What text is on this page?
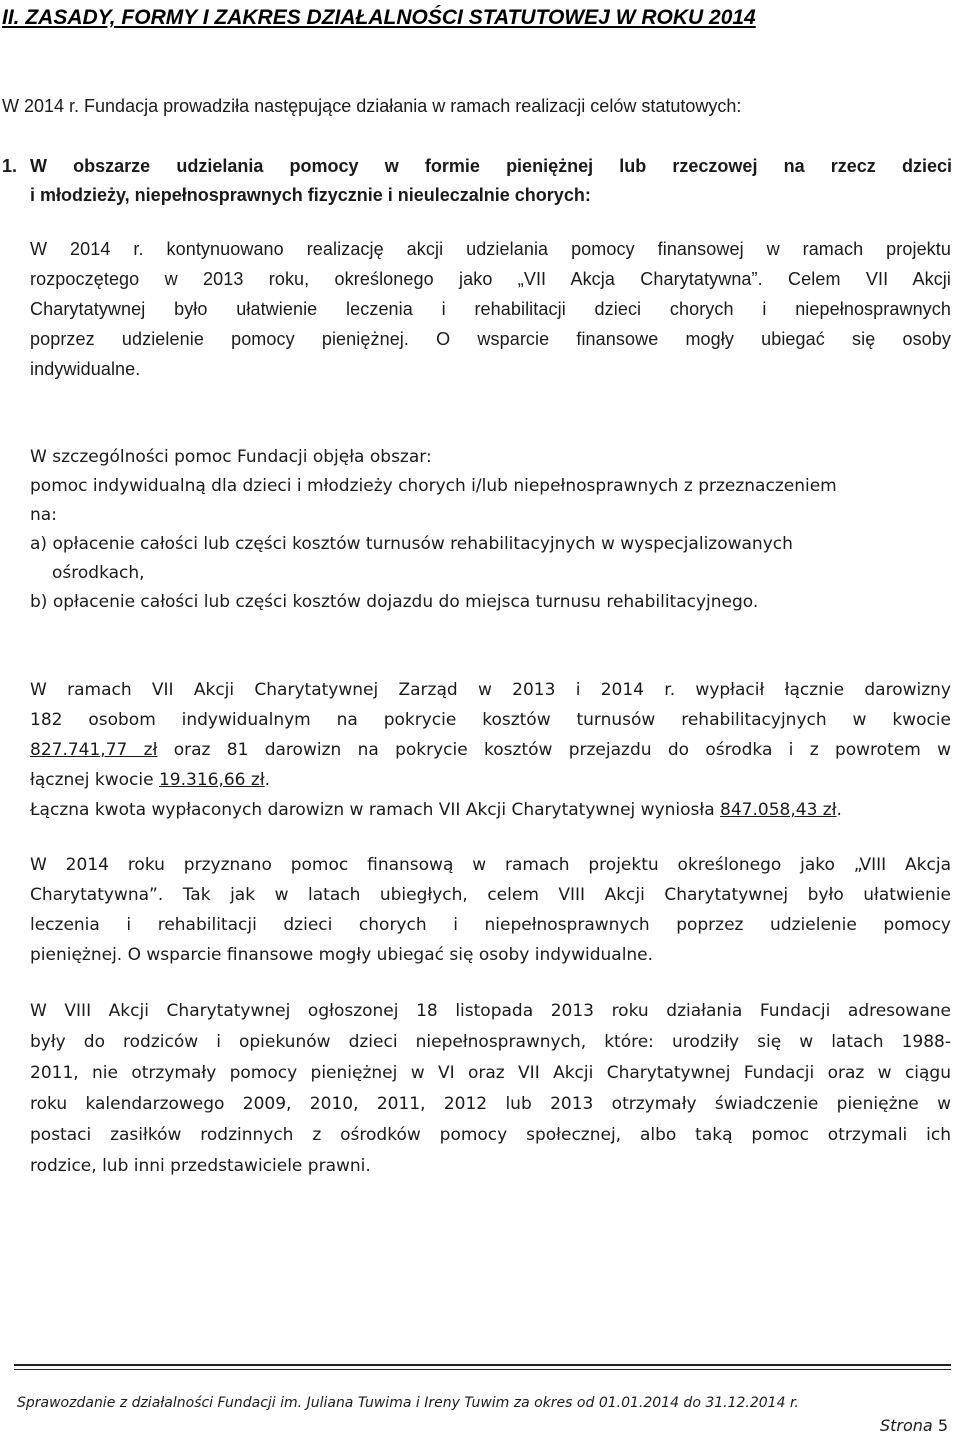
II. ZASADY, FORMY I ZAKRES DZIAŁALNOŚCI STATUTOWEJ W ROKU 2014
W 2014 r. Fundacja prowadziła następujące działania w ramach realizacji celów statutowych:
1. W obszarze udzielania pomocy w formie pieniężnej lub rzeczowej na rzecz dzieci
i młodzieży, niepełnosprawnych fizycznie i nieuleczalnie chorych:
W 2014 r. kontynuowano realizację akcji udzielania pomocy finansowej w ramach projektu
rozpoczętego w 2013 roku, określonego jako „VII Akcja Charytatywna”. Celem VII Akcji
Charytatywnej było ułatwienie leczenia i rehabilitacji dzieci chorych i niepełnosprawnych
poprzez udzielenie pomocy pieniężnej. O wsparcie finansowe mogły ubiegać się osoby
indywidualne.
W szczególności pomoc Fundacji objęła obszar:
pomoc indywidualną dla dzieci i młodzieży chorych i/lub niepełnosprawnych z przeznaczeniem
na:
a) opłacenie całości lub części kosztów turnusów rehabilitacyjnych w wyspecjalizowanych
ośrodkach,
b) opłacenie całości lub części kosztów dojazdu do miejsca turnusu rehabilitacyjnego.
W ramach VII Akcji Charytatywnej Zarząd w 2013 i 2014 r. wypłacił łącznie darowizny
182 osobom indywidualnym na pokrycie kosztów turnusów rehabilitacyjnych w kwocie
827.741,77 zł oraz 81 darowizn na pokrycie kosztów przejazdu do ośrodka i z powrotem w
łącznej kwocie 19.316,66 zł.
Łączna kwota wypłaconych darowizn w ramach VII Akcji Charytatywnej wyniosła 847.058,43 zł.
W 2014 roku przyznano pomoc finansową w ramach projektu określonego jako „VIII Akcja
Charytatywna”. Tak jak w latach ubiegłych, celem VIII Akcji Charytatywnej było ułatwienie
leczenia i rehabilitacji dzieci chorych i niepełnosprawnych poprzez udzielenie pomocy
pieniężnej. O wsparcie finansowe mogły ubiegać się osoby indywidualne.
W VIII Akcji Charytatywnej ogłoszonej 18 listopada 2013 roku działania Fundacji adresowane
były do rodziców i opiekunów dzieci niepełnosprawnych, które: urodziły się w latach 1988-
2011, nie otrzymały pomocy pieniężnej w VI oraz VII Akcji Charytatywnej Fundacji oraz w ciągu
roku kalendarzowego 2009, 2010, 2011, 2012 lub 2013 otrzymały świadczenie pieniężne w
postaci zasiłków rodzinnych z ośrodków pomocy społecznej, albo taką pomoc otrzymali ich
rodzice, lub inni przedstawiciele prawni.
Sprawozdanie z działalności Fundacji im. Juliana Tuwima i Ireny Tuwim za okres od 01.01.2014 do 31.12.2014 r.
Strona 5
